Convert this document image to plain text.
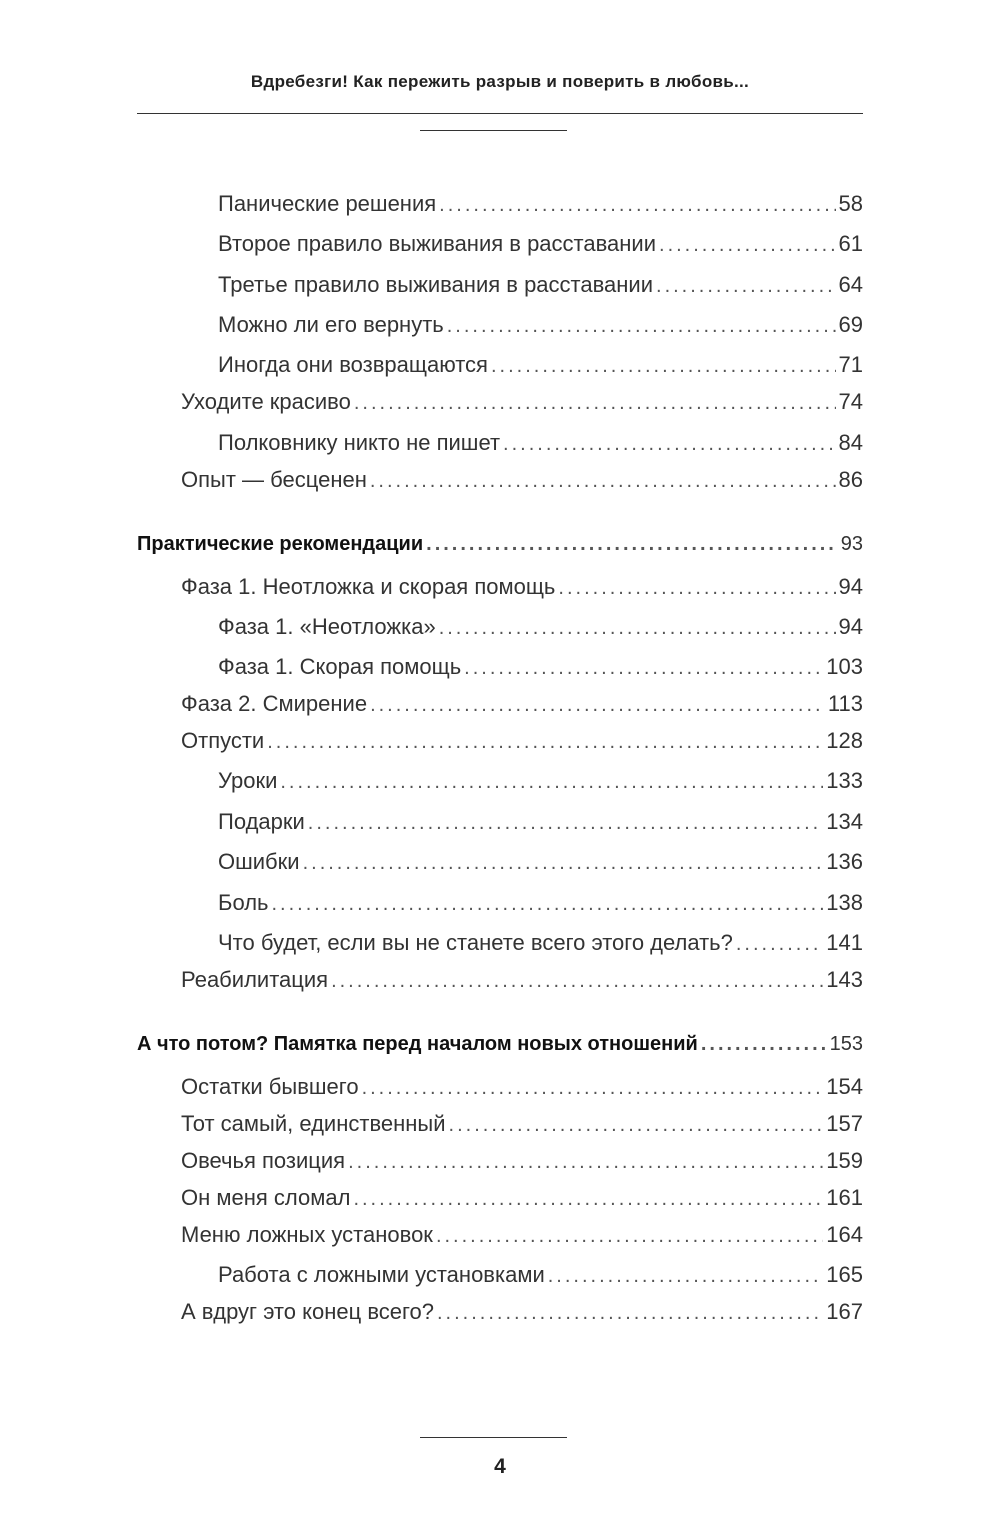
Вдребезги! Как пережить разрыв и поверить в любовь...
Панические решения .....	58
Второе правило выживания в расставании .....	61
Третье правило выживания в расставании .....	64
Можно ли его вернуть .....	69
Иногда они возвращаются .....	71
Уходите красиво .....	74
Полковнику никто не пишет .....	84
Опыт — бесценен .....	86
Практические рекомендации .....	93
Фаза 1. Неотложка и скорая помощь .....	94
Фаза 1. «Неотложка» .....	94
Фаза 1. Скорая помощь .....	103
Фаза 2. Смирение .....	113
Отпусти .....	128
Уроки .....	133
Подарки .....	134
Ошибки .....	136
Боль .....	138
Что будет, если вы не станете всего этого делать? .....	141
Реабилитация .....	143
А что потом? Памятка перед началом новых отношений .....	153
Остатки бывшего .....	154
Тот самый, единственный .....	157
Овечья позиция .....	159
Он меня сломал .....	161
Меню ложных установок .....	164
Работа с ложными установками .....	165
А вдруг это конец всего? .....	167
4
